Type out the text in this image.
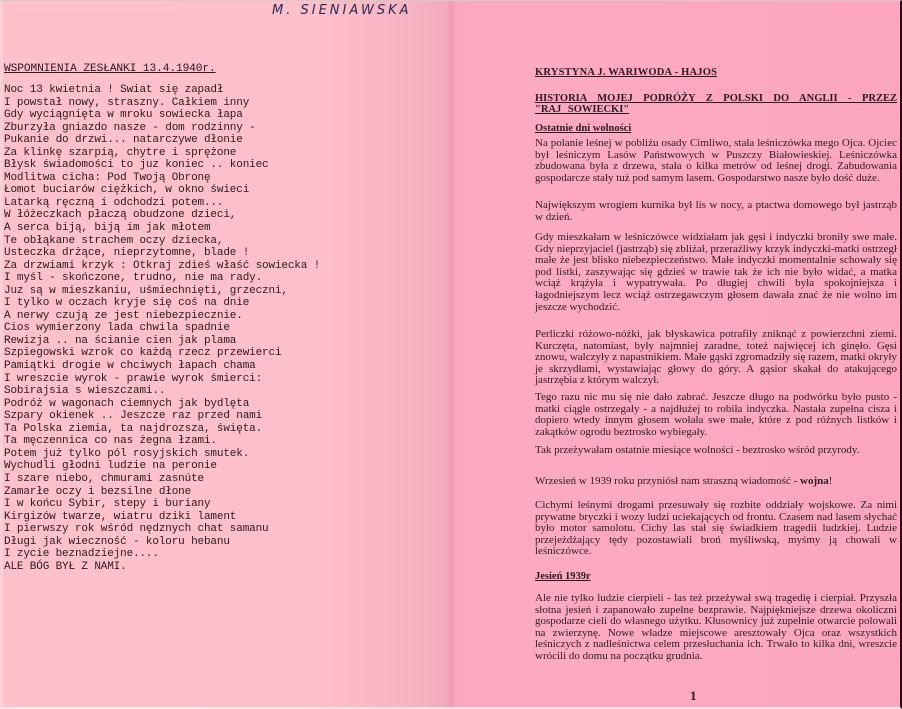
M. SIENIAWSKA
WSPOMNIENIA ZESŁANKI 13.4.1940r.
Noc 13 kwietnia ! Swiat się zapadł
I powstał nowy, straszny. Całkiem inny
Gdy wyciągnięta w mroku sowiecka łapa
Zburzyła gniazdo nasze - dom rodzinny -
Pukanie do drzwi... natarczywe dłonie
Za klinkę szarpią, chytre i sprężone
Błysk świadomości to juz koniec .. koniec
Modlitwa cicha: Pod Twoją Obronę
Łomot buciarów ciężkich, w okno świeci
Latarką ręczną i odchodzi potem...
W łóżeczkach płaczą obudzone dzieci,
A serca biją, biją im jak młotem
Te obłąkane strachem oczy dziecka,
Usteczka drżące, nieprzytomne, blade !
Za drzwiami krzyk : Otkraj zdieś właść sowiecka !
I myśl - skończone, trudno, nie ma rady.
Juz są w mieszkaniu, uśmiechnięti, grzeczni,
I tylko w oczach kryje się coś na dnie
A nerwy czują ze jest niebezpiecznie.
Cios wymierzony lada chwila spadnie
Rewizja .. na ścianie cien jak plama
Szpiegowski wzrok co każdą rzecz przewierci
Pamiątki drogie w chciwych łapach chama
I wreszcie wyrok - prawie wyrok śmierci:
Sobirajsia s wieszczami..
Podróż w wagonach ciemnych jak bydlęta
Szpary okienek .. Jeszcze raz przed nami
Ta Polska ziemia, ta najdrozsza, święta.
Ta męczennica co nas żegna łzami.
Potem już tylko pól rosyjskich smutek.
Wychudli głodni ludzie na peronie
I szare niebo, chmurami zasnúte
Zamarłe oczy i bezsilne dłone
I w końcu Sybir, stepy i buriany
Kirgizów twarze, wiatru dziki lament
I pierwszy rok wśród nędznych chat samanu
Długi jak wieczność - koloru hebanu
I zycie beznadziejne....
ALE BÓG BYŁ Z NAMI.
KRYSTYNA J. WARIWODA - HAJOS
HISTORIA MOJEJ PODRÓŻY Z POLSKI DO ANGLII - PRZEZ "RAJ SOWIECKI"
Ostatnie dni wolności

Na polanie leśnej w pobliżu osady Cimliwo, stała leśniczówka mego Ojca. Ojciec był leśniczym Lasów Państwowych w Puszczy Białowieskiej. Leśniczówka zbudowana była z drzewa, stała o kilka metrów od leśnej drogi. Zabudowania gospodarcze stały tuż pod samym lasem. Gospodarstwo nasze było dość duże.

Największym wrogiem kurnika był lis w nocy, a ptactwa domowego był jastrząb w dzień.

Gdy mieszkałam w leśniczówce widziałam jak gęsi i indyczki broniły swe małe. Gdy nieprzyjaciel (jastrząb) się zbliżał, przeraźliwy krzyk indyczki-matki ostrzegł małe że jest blisko niebezpieczeństwo. Małe indyczki momentalnie schowały się pod listki, zaszywając się gdzieś w trawie tak że ich nie było widać, a matka wciąż krążyła i wypatrywała. Po długiej chwili była spokojniejsza i łagodniejszym lecz wciąż ostrzegawczym głosem dawała znać że nie wolno im jeszcze wychodzić.

Perliczki różowo-nóżki, jak błyskawica potrafiły zniknąć z powierzchni ziemi. Kurczęta, natomiast, były najmniej zaradne, toteż najwięcej ich ginęło. Gęsi znowu, walczyły z napastnikiem. Małe gąski zgromadziły się razem, matki okryły je skrzydłami, wystawiając głowy do góry. A gąsior skakał do atakującego jastrzębia z którym walczył.

Tego razu nic mu się nie dało zabrać. Jeszcze długo na podwórku było pusto - matki ciągle ostrzegały - a najdłużej to robiła indyczka. Nastała zupełna cisza i dopiero wtedy innym głosem wołała swe małe, które z pod różnych listków i zakątków ogrodu beztrosko wybiegały.

Tak przeżywałam ostatnie miesiące wolności - beztrosko wśród przyrody.

Wrzesień w 1939 roku przyniósł nam straszną wiadomość - wojna!

Cichymi leśnymi drogami przesuwały się rozbite oddziały wojskowe. Za nimi prywatne bryczki i wozy ludzi uciekających od frontu. Czasem nad lasem słychać było motor samolotu. Cichy las stał się świadkiem tragedii ludzkiej. Ludzie przejeżdżający tędy pozostawiali broń myśliwską, myśmy ją chowali w leśniczówce.

Jesień 1939r

Ale nie tylko ludzie cierpieli - las też przeżywał swą tragedię i cierpiał. Przyszła słotna jesień i zapanowało zupełne bezprawie. Najpiękniejsze drzewa okoliczni gospodarze cieli do własnego użytku. Kłusownicy już zupełnie otwarcie polowali na zwierzynę. Nowe władze miejscowe aresztowały Ojca oraz wszystkich leśniczych z nadleśnictwa celem przesłuchania ich. Trwało to kilka dni, wreszcie wrócili do domu na początku grudnia.

1
